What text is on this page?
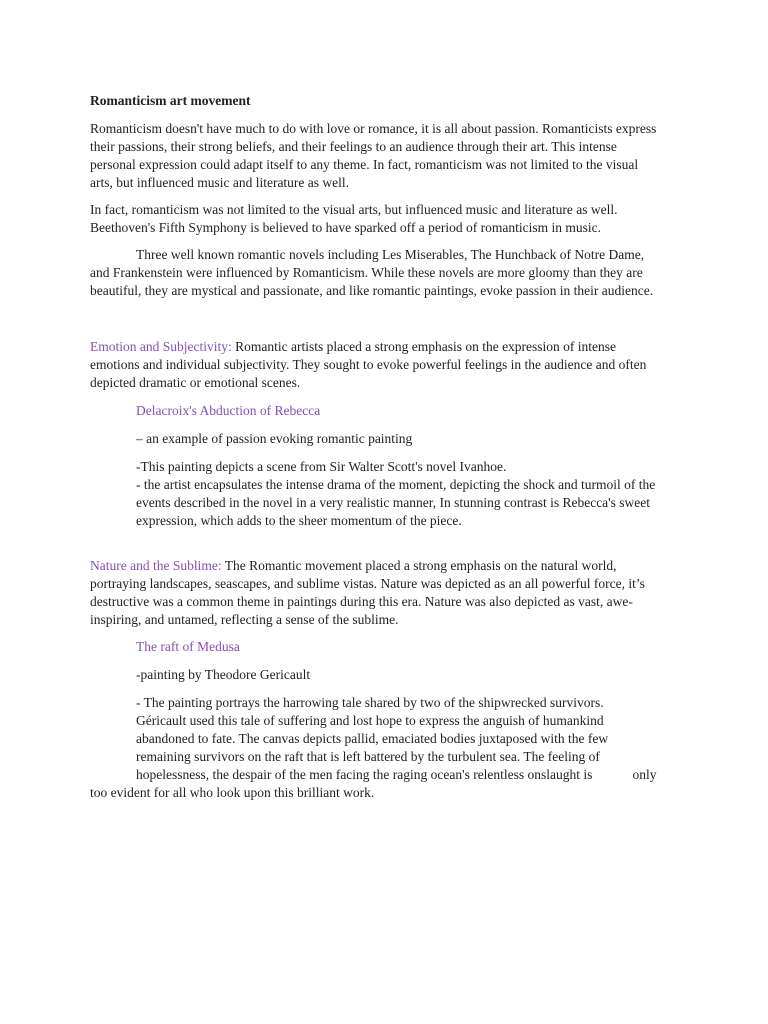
Romanticism art movement
Romanticism doesn't have much to do with love or romance, it is all about passion. Romanticists express
their passions, their strong beliefs, and their feelings to an audience through their art. This intense
personal expression could adapt itself to any theme. In fact, romanticism was not limited to the visual
arts, but influenced music and literature as well.
In fact, romanticism was not limited to the visual arts, but influenced music and literature as well.
Beethoven's Fifth Symphony is believed to have sparked off a period of romanticism in music.
Three well known romantic novels including Les Miserables, The Hunchback of Notre Dame,
and Frankenstein were influenced by Romanticism. While these novels are more gloomy than they are
beautiful, they are mystical and passionate, and like romantic paintings, evoke passion in their audience.
Emotion and Subjectivity: Romantic artists placed a strong emphasis on the expression of intense
emotions and individual subjectivity. They sought to evoke powerful feelings in the audience and often
depicted dramatic or emotional scenes.
Delacroix's Abduction of Rebecca
– an example of passion evoking romantic painting
-This painting depicts a scene from Sir Walter Scott's novel Ivanhoe.
- the artist encapsulates the intense drama of the moment, depicting the shock and turmoil of the
events described in the novel in a very realistic manner, In stunning contrast is Rebecca's sweet
expression, which adds to the sheer momentum of the piece.
Nature and the Sublime: The Romantic movement placed a strong emphasis on the natural world,
portraying landscapes, seascapes, and sublime vistas. Nature was depicted as an all powerful force, it’s
destructive was a common theme in paintings during this era. Nature was also depicted as vast, awe-
inspiring, and untamed, reflecting a sense of the sublime.
The raft of Medusa
-painting by Theodore Gericault
- The painting portrays the harrowing tale shared by two of the shipwrecked survivors.
Géricault used this tale of suffering and lost hope to express the anguish of humankind
abandoned to fate. The canvas depicts pallid, emaciated bodies juxtaposed with the few
remaining survivors on the raft that is left battered by the turbulent sea. The feeling of
hopelessness, the despair of the men facing the raging ocean's relentless onslaught is	only
too evident for all who look upon this brilliant work.
